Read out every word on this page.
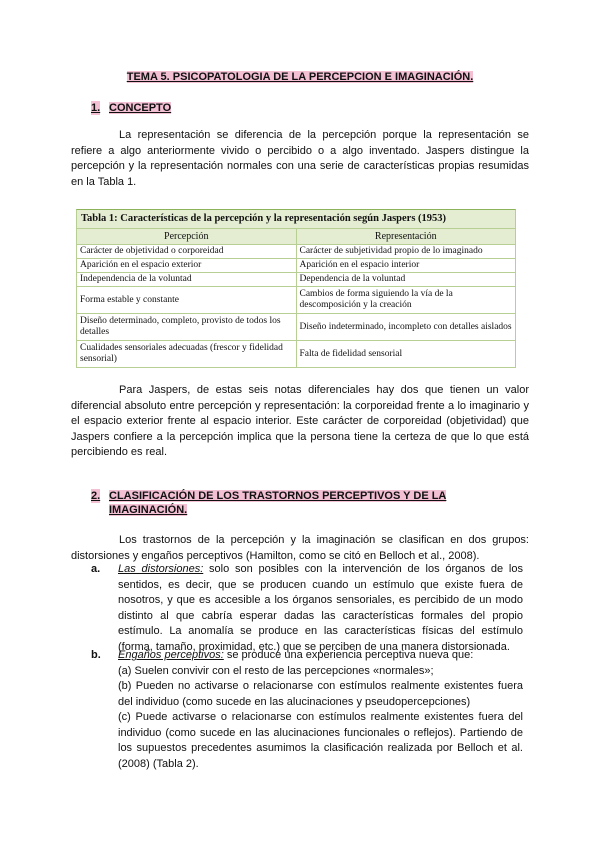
TEMA 5. PSICOPATOLOGIA DE LA PERCEPCION E IMAGINACIÓN.
1. CONCEPTO

La representación se diferencia de la percepción porque la representación se refiere a algo anteriormente vivido o percibido o a algo inventado. Jaspers distingue la percepción y la representación normales con una serie de características propias resumidas en la Tabla 1.

Tabla 1: Características de la percepción y la representación según Jaspers (1953)
Percepción	Representación
Carácter de objetividad o corporeidad	Carácter de subjetividad propio de lo imaginado
Aparición en el espacio exterior	Aparición en el espacio interior
Independencia de la voluntad	Dependencia de la voluntad
Forma estable y constante	Cambios de forma siguiendo la vía de la descomposición y la creación
Diseño determinado, completo, provisto de todos los detalles	Diseño indeterminado, incompleto con detalles aislados
Cualidades sensoriales adecuadas (frescor y fidelidad sensorial)	Falta de fidelidad sensorial

Para Jaspers, de estas seis notas diferenciales hay dos que tienen un valor diferencial absoluto entre percepción y representación: la corporeidad frente a lo imaginario y el espacio exterior frente al espacio interior. Este carácter de corporeidad (objetividad) que Jaspers confiere a la percepción implica que la persona tiene la certeza de que lo que está percibiendo es real.

2. CLASIFICACIÓN DE LOS TRASTORNOS PERCEPTIVOS Y DE LA IMAGINACIÓN.

Los trastornos de la percepción y la imaginación se clasifican en dos grupos: distorsiones y engaños perceptivos (Hamilton, como se citó en Belloch et al., 2008).

a. Las distorsiones: solo son posibles con la intervención de los órganos de los sentidos, es decir, que se producen cuando un estímulo que existe fuera de nosotros, y que es accesible a los órganos sensoriales, es percibido de un modo distinto al que cabría esperar dadas las características formales del propio estímulo. La anomalía se produce en las características físicas del estímulo (forma, tamaño, proximidad, etc.) que se perciben de una manera distorsionada.
b. Engaños perceptivos: se produce una experiencia perceptiva nueva que:
(a) Suelen convivir con el resto de las percepciones «normales»;
(b) Pueden no activarse o relacionarse con estímulos realmente existentes fuera del individuo (como sucede en las alucinaciones y pseudopercepciones)
(c) Puede activarse o relacionarse con estímulos realmente existentes fuera del individuo (como sucede en las alucinaciones funcionales o reflejos). Partiendo de los supuestos precedentes asumimos la clasificación realizada por Belloch et al. (2008) (Tabla 2).
